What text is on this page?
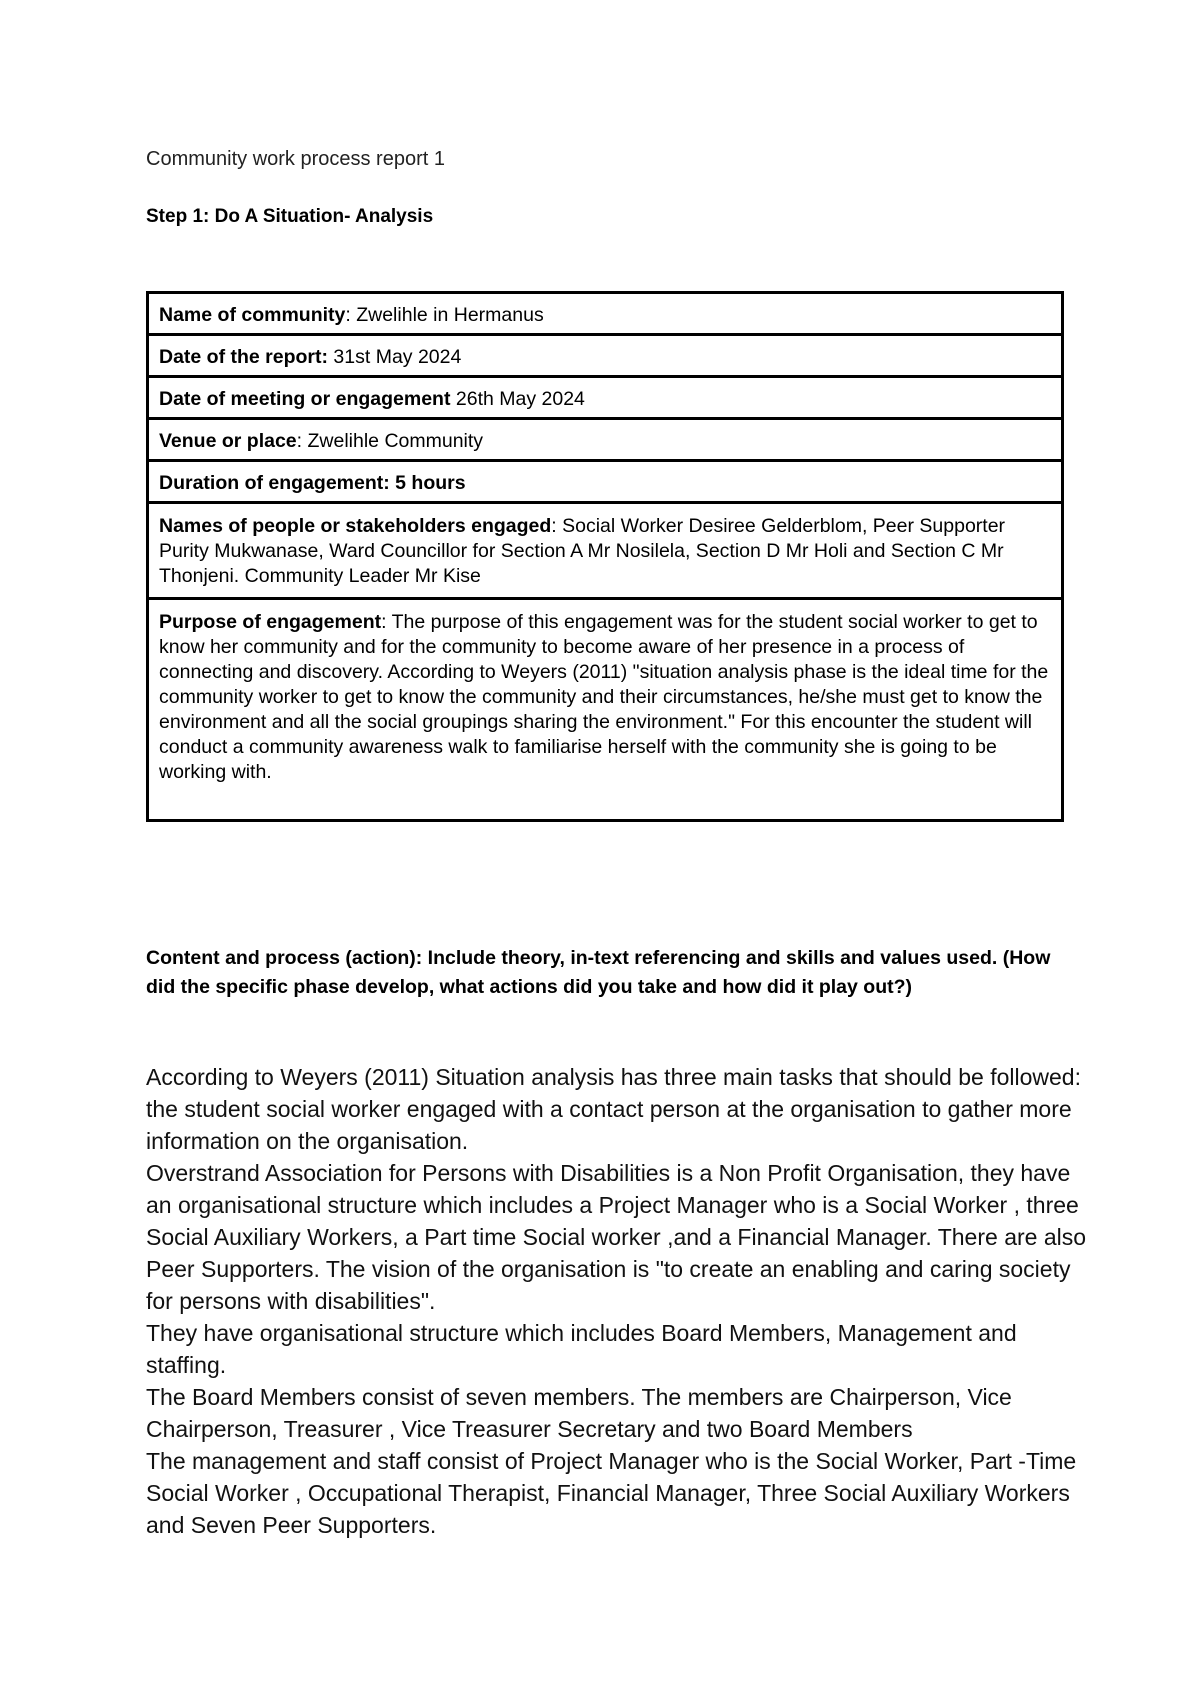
Community work process report 1
Step 1: Do A Situation- Analysis
Name of community: Zwelihle in Hermanus
Date of the report: 31st May 2024
Date of meeting or engagement 26th May 2024
Venue or place: Zwelihle Community
Duration of engagement: 5 hours
Names of people or stakeholders engaged: Social Worker Desiree Gelderblom, Peer Supporter Purity Mukwanase, Ward Councillor for Section A Mr Nosilela, Section D Mr Holi and Section C Mr Thonjeni. Community Leader Mr Kise
Purpose of engagement: The purpose of this engagement was for the student social worker to get to know her community and for the community to become aware of her presence in a process of connecting and discovery. According to Weyers (2011) "situation analysis phase is the ideal time for the community worker to get to know the community and their circumstances, he/she must get to know the environment and all the social groupings sharing the environment." For this encounter the student will conduct a community awareness walk to familiarise herself with the community she is going to be working with.
Content and process (action): Include theory, in-text referencing and skills and values used. (How did the specific phase develop, what actions did you take and how did it play out?)

According to Weyers (2011) Situation analysis has three main tasks that should be followed: the student social worker engaged with a contact person at the organisation to gather more information on the organisation.

Overstrand Association for Persons with Disabilities is a Non Profit Organisation, they have an organisational structure which includes a Project Manager who is a Social Worker , three Social Auxiliary Workers, a Part time Social worker ,and a Financial Manager. There are also Peer Supporters. The vision of the organisation is "to create an enabling and caring society for persons with disabilities".

They have organisational structure which includes Board Members, Management and staffing.

The Board Members consist of seven members. The members are Chairperson, Vice Chairperson, Treasurer , Vice Treasurer Secretary and two Board Members

The management and staff consist of Project Manager who is the Social Worker, Part -Time Social Worker , Occupational Therapist, Financial Manager, Three Social Auxiliary Workers and Seven Peer Supporters.
